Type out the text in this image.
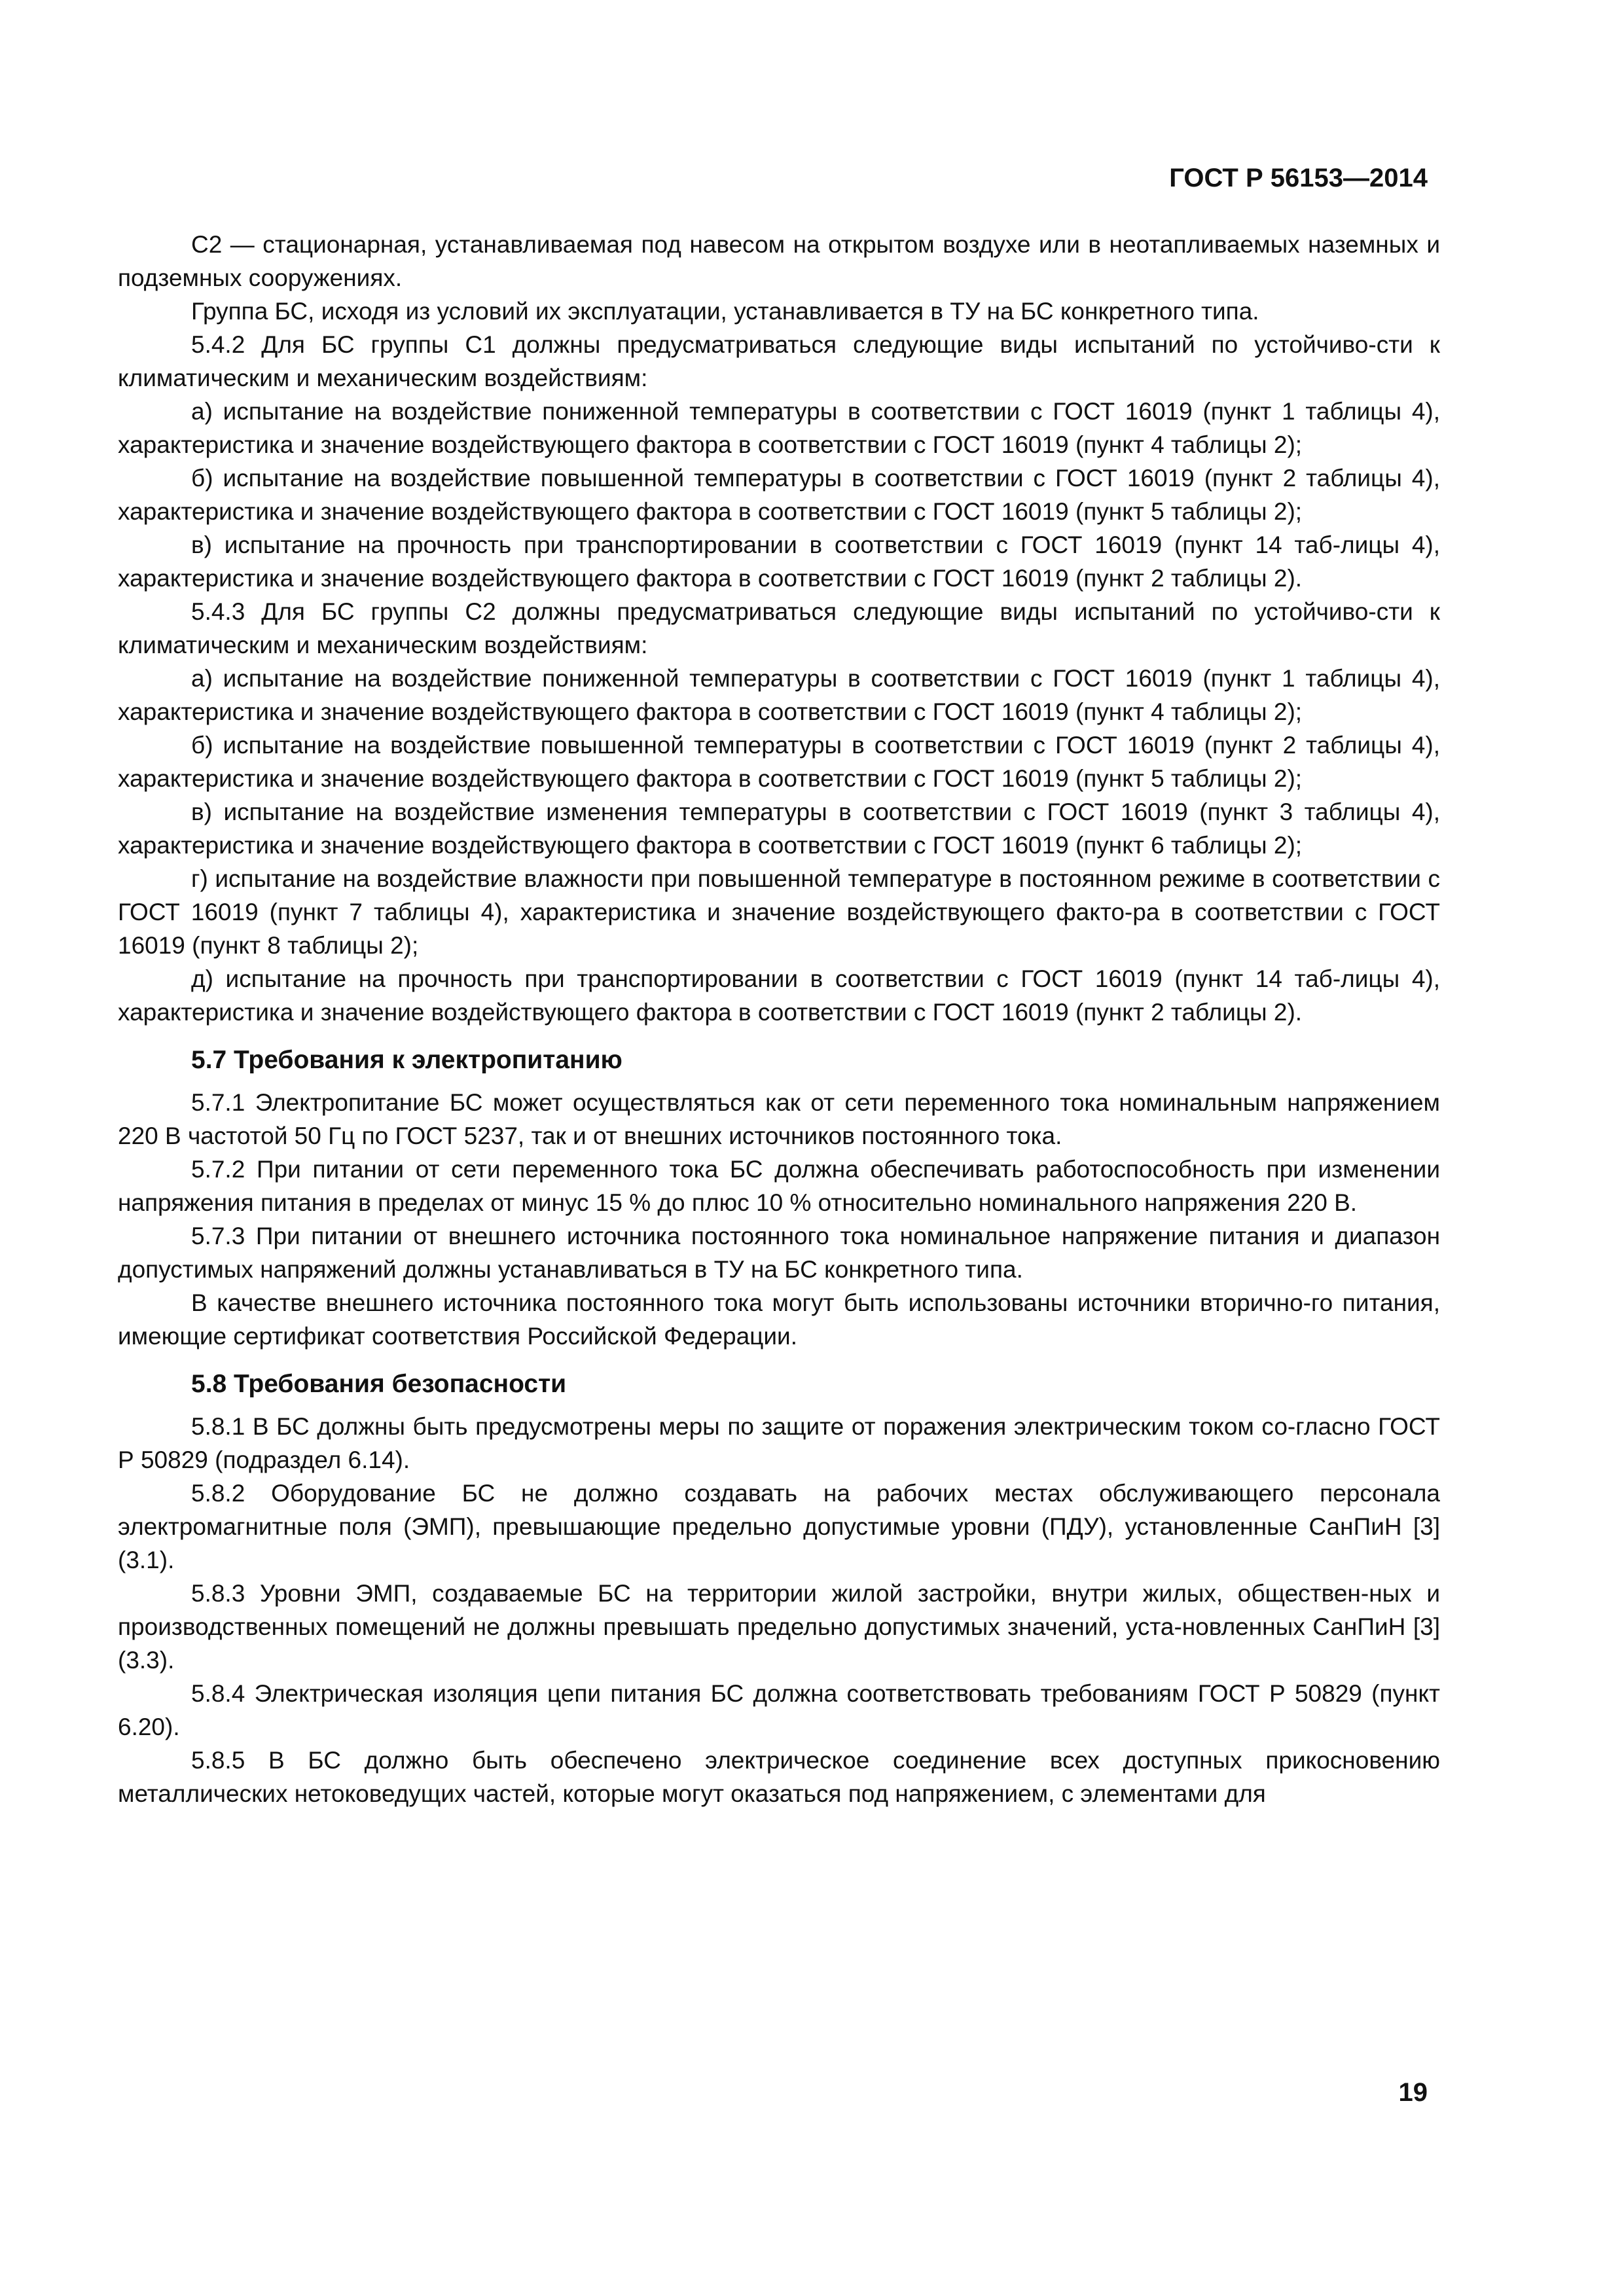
ГОСТ Р 56153—2014

С2 — стационарная, устанавливаемая под навесом на открытом воздухе или в неотапливаемых наземных и подземных сооружениях.

Группа БС, исходя из условий их эксплуатации, устанавливается в ТУ на БС конкретного типа.

5.4.2 Для БС группы С1 должны предусматриваться следующие виды испытаний по устойчиво-сти к климатическим и механическим воздействиям:

а) испытание на воздействие пониженной температуры в соответствии с ГОСТ 16019 (пункт 1 таблицы 4), характеристика и значение воздействующего фактора в соответствии с ГОСТ 16019 (пункт 4 таблицы 2);

б) испытание на воздействие повышенной температуры в соответствии с ГОСТ 16019 (пункт 2 таблицы 4), характеристика и значение воздействующего фактора в соответствии с ГОСТ 16019 (пункт 5 таблицы 2);

в) испытание на прочность при транспортировании в соответствии с ГОСТ 16019 (пункт 14 таб-лицы 4), характеристика и значение воздействующего фактора в соответствии с ГОСТ 16019 (пункт 2 таблицы 2).

5.4.3 Для БС группы С2 должны предусматриваться следующие виды испытаний по устойчиво-сти к климатическим и механическим воздействиям:

а) испытание на воздействие пониженной температуры в соответствии с ГОСТ 16019 (пункт 1 таблицы 4), характеристика и значение воздействующего фактора в соответствии с ГОСТ 16019 (пункт 4 таблицы 2);

б) испытание на воздействие повышенной температуры в соответствии с ГОСТ 16019 (пункт 2 таблицы 4), характеристика и значение воздействующего фактора в соответствии с ГОСТ 16019 (пункт 5 таблицы 2);

в) испытание на воздействие изменения температуры в соответствии с ГОСТ 16019 (пункт 3 таблицы 4), характеристика и значение воздействующего фактора в соответствии с ГОСТ 16019 (пункт 6 таблицы 2);

г) испытание на воздействие влажности при повышенной температуре в постоянном режиме в соответствии с ГОСТ 16019 (пункт 7 таблицы 4), характеристика и значение воздействующего факто-ра в соответствии с ГОСТ 16019 (пункт 8 таблицы 2);

д) испытание на прочность при транспортировании в соответствии с ГОСТ 16019 (пункт 14 таб-лицы 4), характеристика и значение воздействующего фактора в соответствии с ГОСТ 16019 (пункт 2 таблицы 2).

5.7 Требования к электропитанию

5.7.1 Электропитание БС может осуществляться как от сети переменного тока номинальным напряжением 220 В частотой 50 Гц по ГОСТ 5237, так и от внешних источников постоянного тока.

5.7.2 При питании от сети переменного тока БС должна обеспечивать работоспособность при изменении напряжения питания в пределах от минус 15 % до плюс 10 % относительно номинального напряжения 220 В.

5.7.3 При питании от внешнего источника постоянного тока номинальное напряжение питания и диапазон допустимых напряжений должны устанавливаться в ТУ на БС конкретного типа.

В качестве внешнего источника постоянного тока могут быть использованы источники вторично-го питания, имеющие сертификат соответствия Российской Федерации.

5.8 Требования безопасности

5.8.1 В БС должны быть предусмотрены меры по защите от поражения электрическим током со-гласно ГОСТ Р 50829 (подраздел 6.14).

5.8.2 Оборудование БС не должно создавать на рабочих местах обслуживающего персонала электромагнитные поля (ЭМП), превышающие предельно допустимые уровни (ПДУ), установленные СанПиН [3] (3.1).

5.8.3 Уровни ЭМП, создаваемые БС на территории жилой застройки, внутри жилых, обществен-ных и производственных помещений не должны превышать предельно допустимых значений, уста-новленных СанПиН [3] (3.3).

5.8.4 Электрическая изоляция цепи питания БС должна соответствовать требованиям ГОСТ Р 50829 (пункт 6.20).

5.8.5 В БС должно быть обеспечено электрическое соединение всех доступных прикосновению металлических нетоковедущих частей, которые могут оказаться под напряжением, с элементами для

19
